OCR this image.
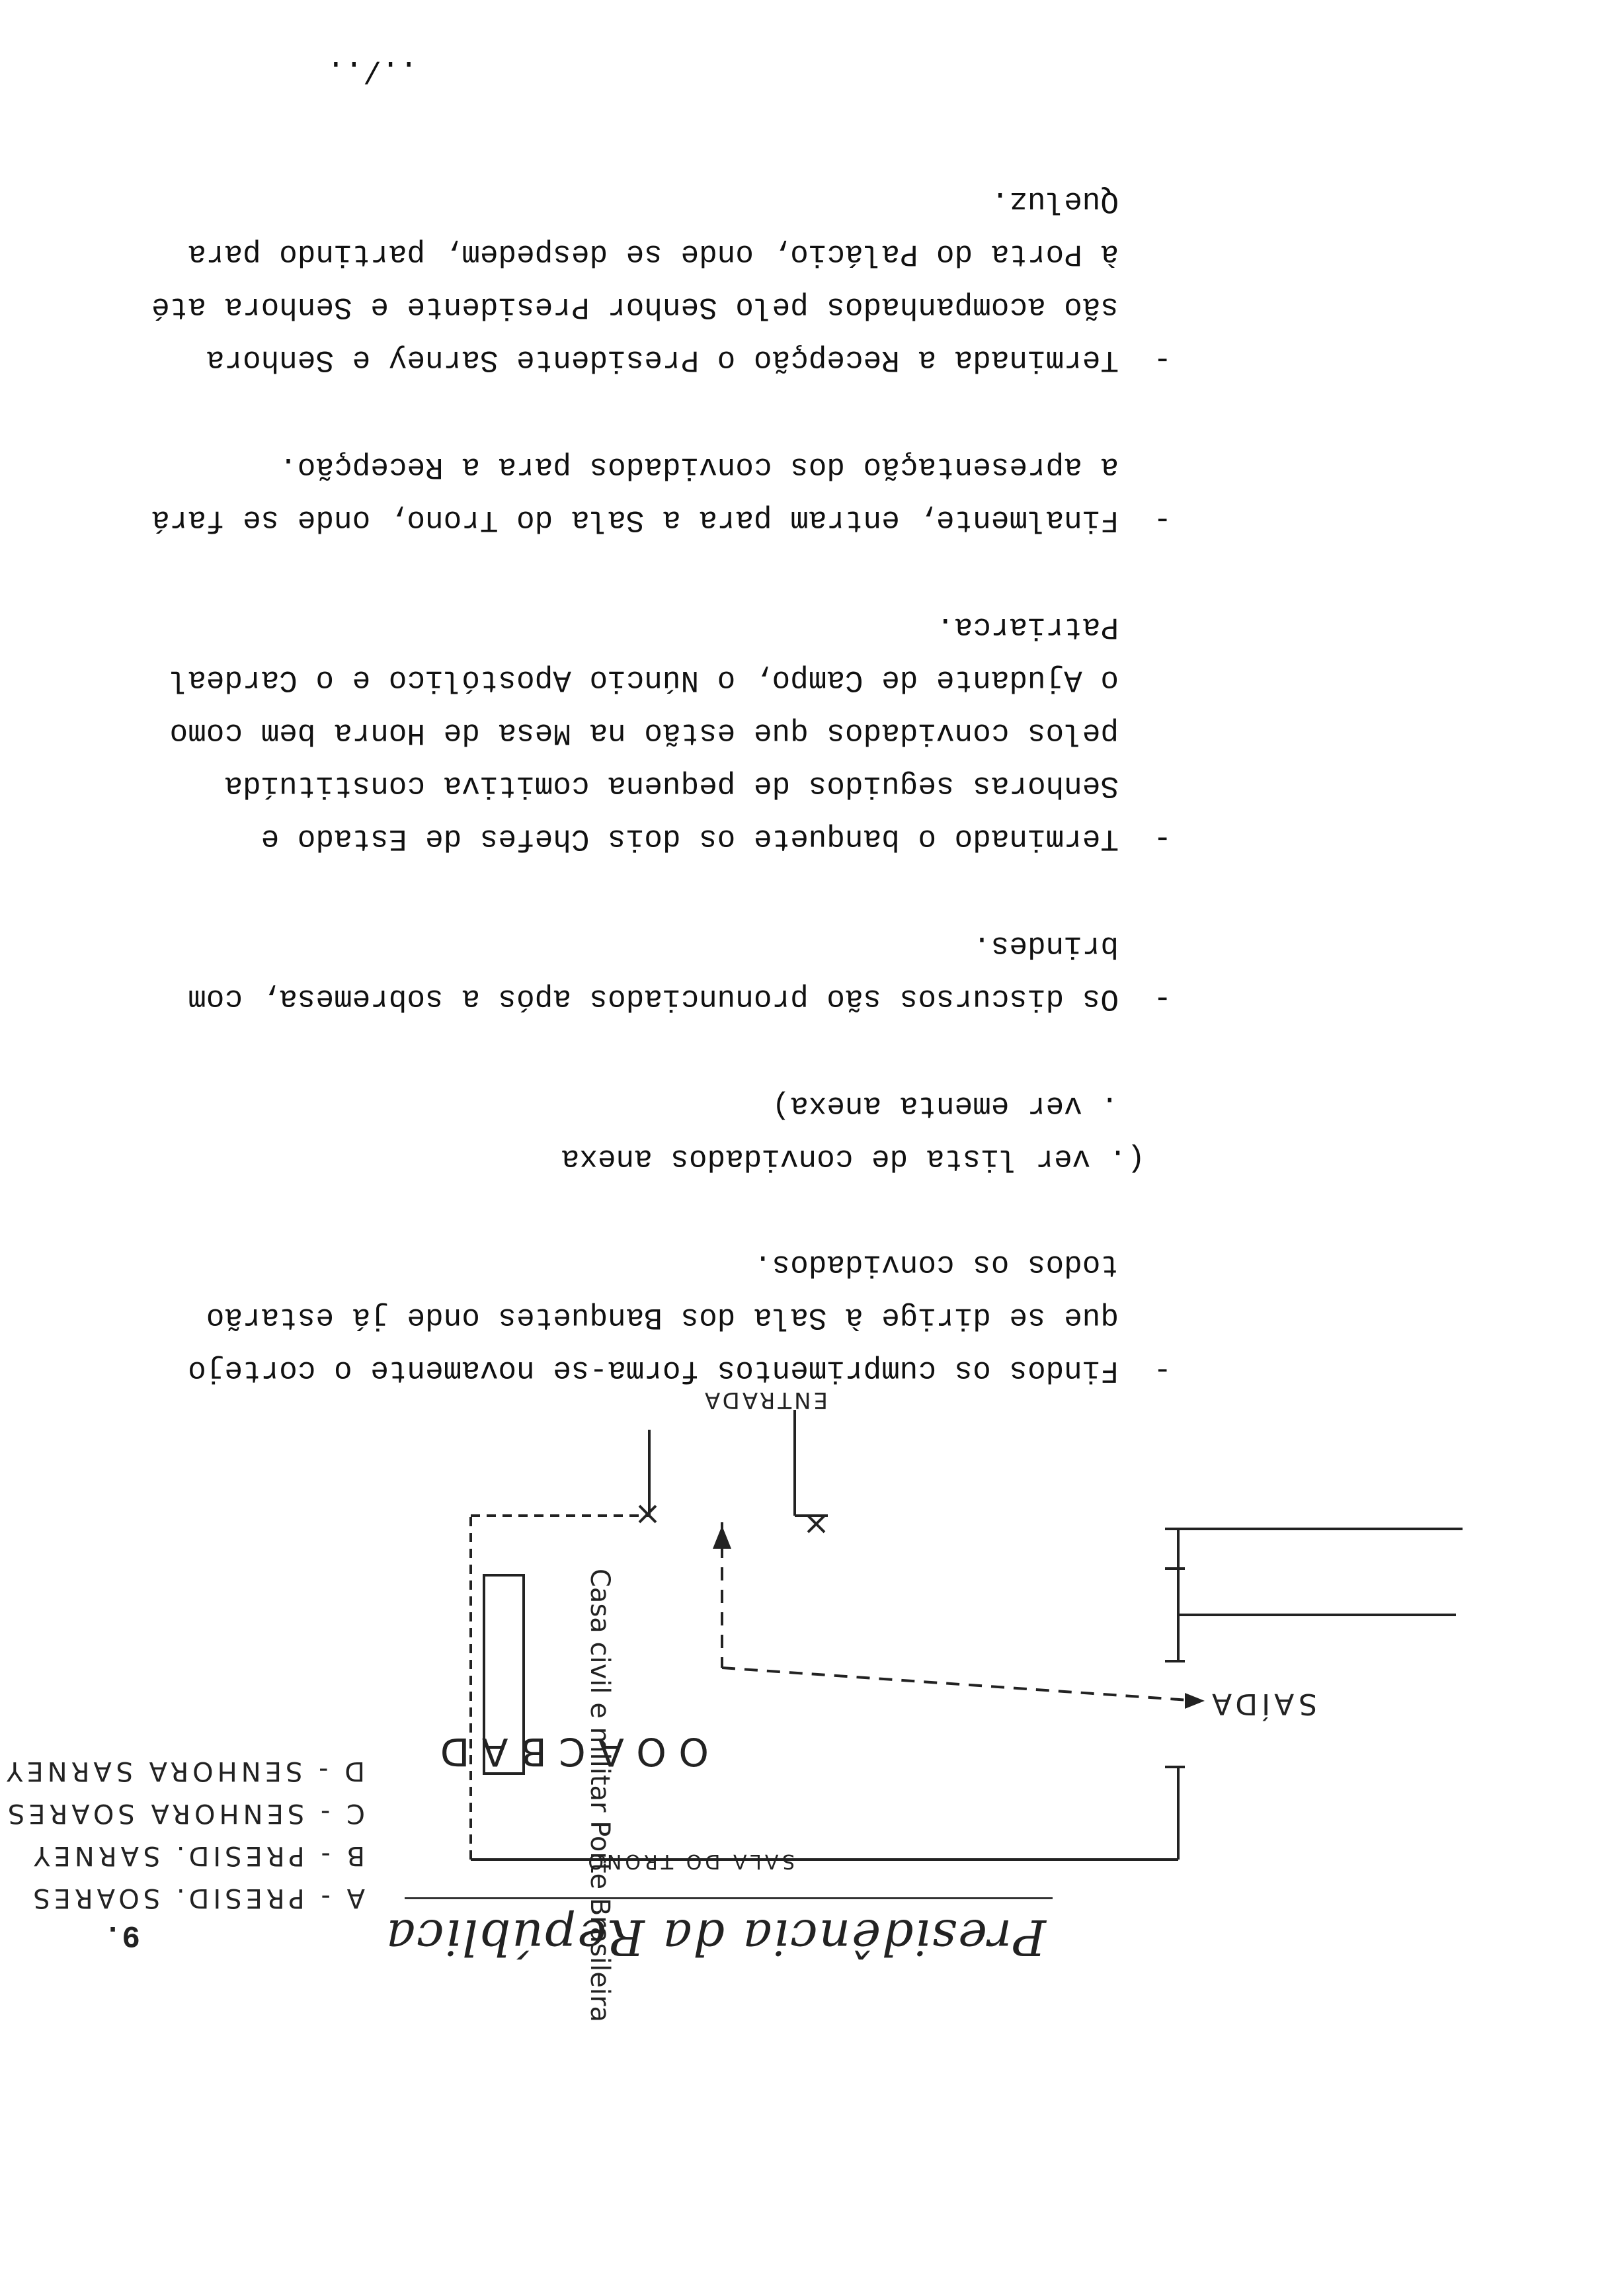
9.	Presidência da República
A - PRESID. SOARES
B - PRESID. SARNEY
C - SENHORA SOARES
D - SENHORA SARNEY
SALA DO TRONO
SAÍDA
ENTRADA
Casa civil e militar Porte Brasileira
O O A C B A D
-

Findos os cumprimentos forma-se novamente o cortejo que se dirige à Sala dos Banquetes onde já estarão todos os convidados.

(. ver lista de convidados anexa

. ver ementa anexa)

-

Os discursos são pronunciados após a sobremesa, com brindes.

-

Terminado o banquete os dois Chefes de Estado e Senhoras seguidos de pequena comitiva constituída pelos convidados que estão na Mesa de Honra bem como o Ajudante de Campo, o Núncio Apostólico e o Cardeal Patriarca.

-

Finalmente, entram para a Sala do Trono, onde se fará a apresentação dos convidados para a Recepção.

-

Terminada a Recepção o Presidente Sarney e Senhora são acompanhados pelo Senhor Presidente e Senhora até à Porta do Palácio, onde se despedem, partindo para Queluz.

../..
